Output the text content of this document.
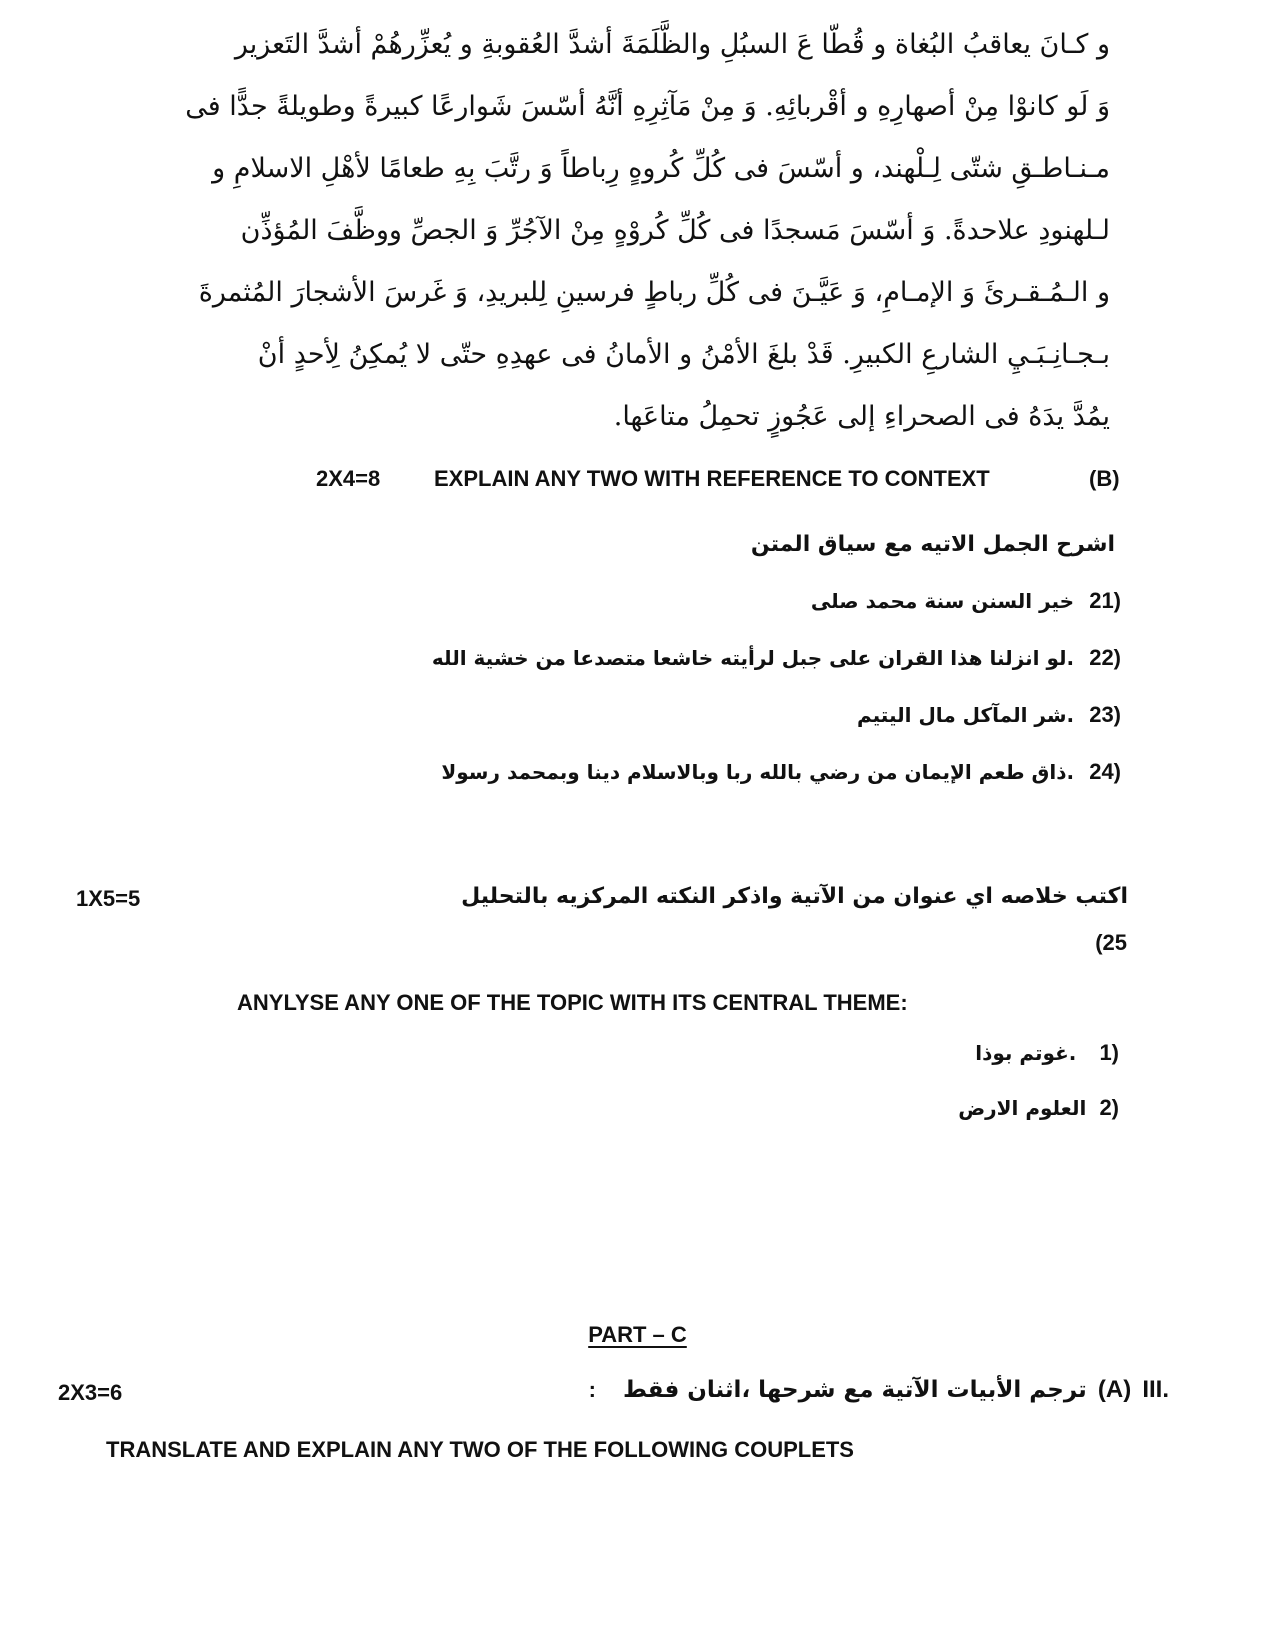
و كـانَ يعاقبُ البُغاة و قُطّا عَ السبُلِ والظَّلَمَةَ أشدَّ العُقوبةِ و يُعزِّرهُمْ أشدَّ التَعزير

وَ لَو كانوْا مِنْ أصهارِهِ و أقْربائِهِ. وَ مِنْ مَآثِرِهِ أنَّهُ أسّسَ شَوارعًا كبيرةً وطويلةً جدًّا فى

مـنـاطـقِ شتّى لِـلْهند، و أسّسَ فى كُلِّ كُروهٍ رِباطاً وَ رتَّبَ بِهِ طعامًا لأهْلِ الاسلامِ و

لـلهنودِ علاحدةً. وَ أسّسَ مَسجدًا فى كُلِّ كُروْهٍ مِنْ الآجُرِّ وَ الجصِّ ووظَّفَ المُؤذِّن

و الـمُـقـرئَ وَ الإمـامِ، وَ عَيَّـنَ فى كُلِّ رباطٍ فرسينِ لِلبريدِ، وَ غَرسَ الأشجارَ المُثمرةَ

بـجـانِـبَـيِ الشارعِ الكبيرِ. قَدْ بلغَ الأمْنُ و الأمانُ فى عهدِهِ حتّى لا يُمكِنُ لِأحدٍ أنْ

يمُدَّ يدَهُ فى الصحراءِ إلى عَجُوزٍ تحمِلُ متاعَها.

2X4=8 EXPLAIN ANY TWO WITH REFERENCE TO CONTEXT	(B)
اشرح الجمل الاتيه مع سياق المتن
21) خير السنن سنة محمد صلى
22) .لو انزلنا هذا القران على جبل لرأيته خاشعا متصدعا من خشية الله
23) .شر المآكل مال اليتيم
24) .ذاق طعم الإيمان من رضي بالله ربا وبالاسلام دينا وبمحمد رسولا
1X5=5	اكتب خلاصه اي عنوان من الآتية واذكر النكته المركزيه بالتحليل
(25
ANYLYSE ANY ONE OF THE TOPIC WITH ITS CENTRAL THEME:
1) .غوتم بوذا
2) العلوم الارض
PART – C
2X3=6	III. (A) ترجم الأبيات الآتية مع شرحها ،اثنان فقط :
TRANSLATE AND EXPLAIN ANY TWO OF THE FOLLOWING COUPLETS
